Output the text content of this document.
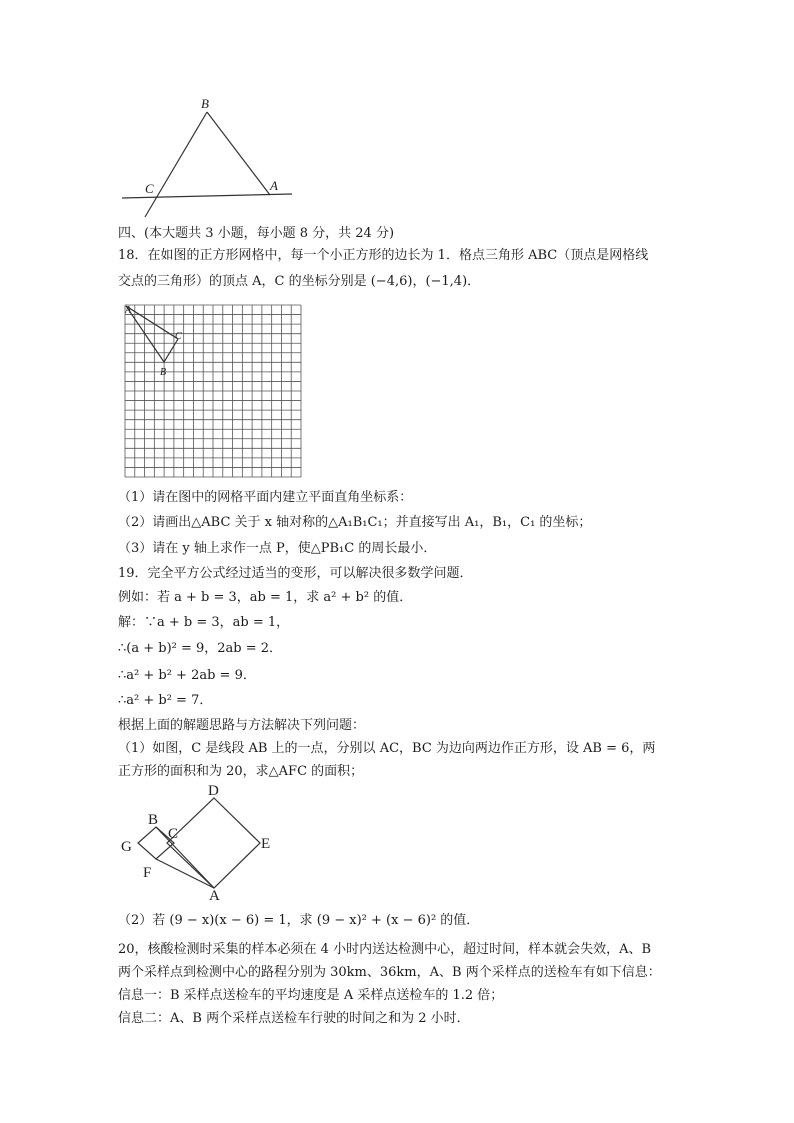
B
C	A
四、(本大题共 3 小题，每小题 8 分，共 24 分)
18．在如图的正方形网格中，每一个小正方形的边长为 1．格点三角形 ABC（顶点是网格线
交点的三角形）的顶点 A，C 的坐标分别是 (−4,6)，(−1,4)．
A
C
B
（1）请在图中的网格平面内建立平面直角坐标系：
（2）请画出△ABC 关于 x 轴对称的△A₁B₁C₁；并直接写出 A₁，B₁，C₁ 的坐标；
（3）请在 y 轴上求作一点 P，使△PB₁C 的周长最小．
19．完全平方公式经过适当的变形，可以解决很多数学问题．
例如：若 a + b = 3，ab = 1，求 a² + b² 的值．
解：∵a + b = 3，ab = 1，
∴(a + b)² = 9，2ab = 2．
∴a² + b² + 2ab = 9．
∴a² + b² = 7．
根据上面的解题思路与方法解决下列问题：
（1）如图，C 是线段 AB 上的一点，分别以 AC，BC 为边向两边作正方形，设 AB = 6，两
正方形的面积和为 20，求△AFC 的面积；
D
B
C
G	E
F
A
（2）若 (9 − x)(x − 6) = 1，求 (9 − x)² + (x − 6)² 的值．
20，核酸检测时采集的样本必须在 4 小时内送达检测中心，超过时间，样本就会失效，A、B
两个采样点到检测中心的路程分别为 30km、36km，A、B 两个采样点的送检车有如下信息：
信息一：B 采样点送检车的平均速度是 A 采样点送检车的 1.2 倍；
信息二：A、B 两个采样点送检车行驶的时间之和为 2 小时．
